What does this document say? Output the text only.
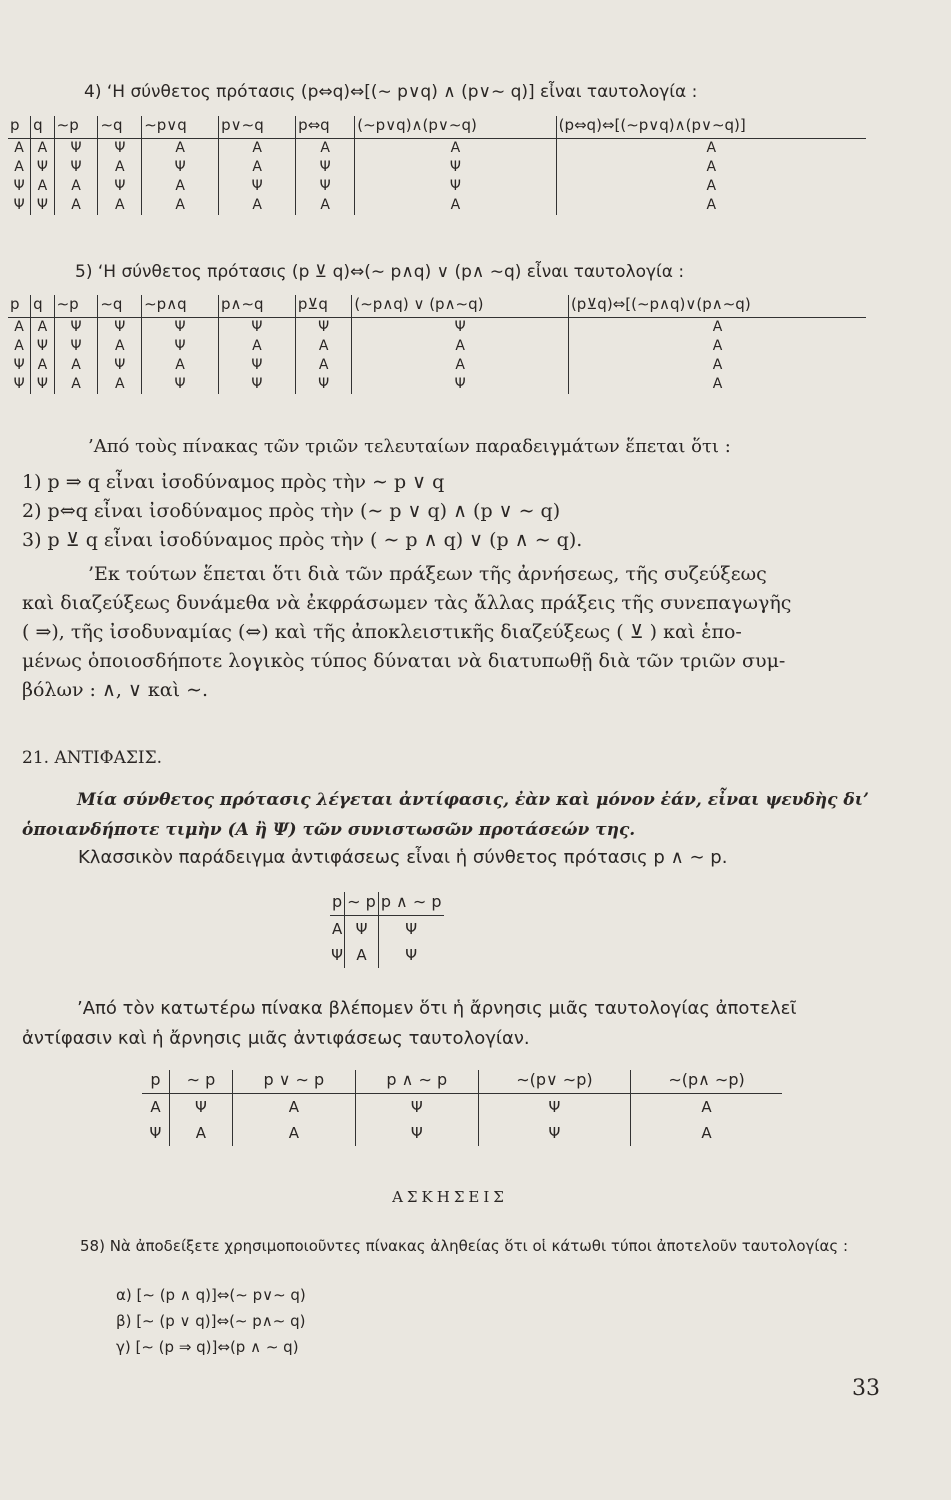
4) ‘Η σύνθετος πρότασις (p⇔q)⇔[(∼ p∨q) ∧ (p∨∼ q)] εἶναι ταυτολογία :
p	q	∼p	∼q	∼p∨q	p∨∼q	p⇔q	(∼p∨q)∧(p∨∼q)	(p⇔q)⇔[(∼p∨q)∧(p∨∼q)]
Α	Α	Ψ	Ψ	Α	Α	Α	Α	Α
Α	Ψ	Ψ	Α	Ψ	Α	Ψ	Ψ	Α
Ψ	Α	Α	Ψ	Α	Ψ	Ψ	Ψ	Α
Ψ	Ψ	Α	Α	Α	Α	Α	Α	Α
5) ‘Η σύνθετος πρότασις (p ⊻ q)⇔(∼ p∧q) ∨ (p∧ ∼q) εἶναι ταυτολογία :
p	q	∼p	∼q	∼p∧q	p∧∼q	p⊻q	(∼p∧q) ∨ (p∧∼q)	(p⊻q)⇔[(∼p∧q)∨(p∧∼q)
Α	Α	Ψ	Ψ	Ψ	Ψ	Ψ	Ψ	Α
Α	Ψ	Ψ	Α	Ψ	Α	Α	Α	Α
Ψ	Α	Α	Ψ	Α	Ψ	Α	Α	Α
Ψ	Ψ	Α	Α	Ψ	Ψ	Ψ	Ψ	Α
’Από τοὺς πίνακας τῶν τριῶν τελευταίων παραδειγμάτων ἕπεται ὅτι :
1) p ⇒ q εἶναι ἰσοδύναμος πρὸς τὴν ∼ p ∨ q
2) p⇔q εἶναι ἰσοδύναμος πρὸς τὴν (∼ p ∨ q) ∧ (p ∨ ∼ q)
3) p ⊻ q εἶναι ἰσοδύναμος πρὸς τὴν ( ∼ p ∧ q) ∨ (p ∧ ∼ q).
’Εκ τούτων ἕπεται ὅτι διὰ τῶν πράξεων τῆς ἀρνήσεως, τῆς συζεύξεως
καὶ διαζεύξεως δυνάμεθα νὰ ἐκφράσωμεν τὰς ἄλλας πράξεις τῆς συνεπαγωγῆς
( ⇒), τῆς ἰσοδυναμίας (⇔) καὶ τῆς ἀποκλειστικῆς διαζεύξεως ( ⊻ ) καὶ ἑπο-
μένως ὁποιοσδήποτε λογικὸς τύπος δύναται νὰ διατυπωθῇ διὰ τῶν τριῶν συμ-
βόλων : ∧, ∨ καὶ ∼.
21. ΑΝΤΙΦΑΣΙΣ.
Μία σύνθετος πρότασις λέγεται ἀντίφασις, ἐὰν καὶ μόνον ἐάν, εἶναι ψευδὴς δι’ ὁποιανδήποτε τιμὴν (Α ἢ Ψ) τῶν συνιστωσῶν προτάσεών της.
Κλασσικὸν παράδειγμα ἀντιφάσεως εἶναι ἡ σύνθετος πρότασις p ∧ ∼ p.
p	∼ p	p ∧ ∼ p
Α	Ψ	Ψ
Ψ	Α	Ψ
’Από τὸν κατωτέρω πίνακα βλέπομεν ὅτι ἡ ἄρνησις μιᾶς ταυτολογίας ἀποτελεῖ ἀντίφασιν καὶ ἡ ἄρνησις μιᾶς ἀντιφάσεως ταυτολογίαν.
p	∼ p	p ∨ ∼ p	p ∧ ∼ p	∼(p∨ ∼p)	∼(p∧ ∼p)
Α	Ψ	Α	Ψ	Ψ	Α
Ψ	Α	Α	Ψ	Ψ	Α
ΑΣΚΗΣΕΙΣ
58) Νὰ ἀποδείξετε χρησιμοποιοῦντες πίνακας ἀληθείας ὅτι οἱ κάτωθι τύποι ἀποτελοῦν ταυτολογίας :
α) [∼ (p ∧ q)]⇔(∼ p∨∼ q)
β) [∼ (p ∨ q)]⇔(∼ p∧∼ q)
γ) [∼ (p ⇒ q)]⇔(p ∧ ∼ q)
33
